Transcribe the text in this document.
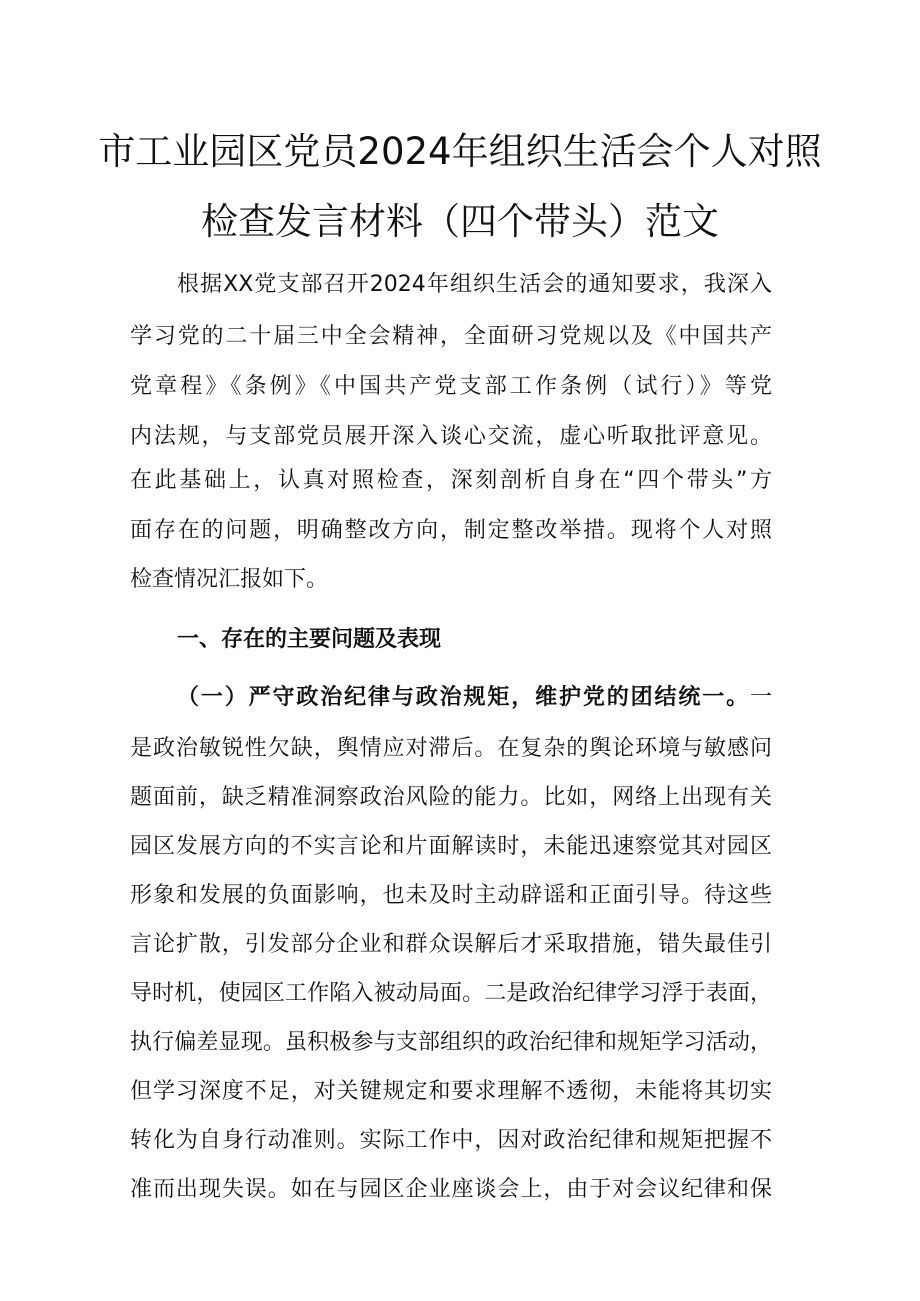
市工业园区党员2024年组织生活会个人对照
检查发言材料（四个带头）范文
根据XX党支部召开2024年组织生活会的通知要求，我深入
学习党的二十届三中全会精神，全面研习党规以及《中国共产
党章程》《条例》《中国共产党支部工作条例（试行）》等党
内法规，与支部党员展开深入谈心交流，虚心听取批评意见。
在此基础上，认真对照检查，深刻剖析自身在“四个带头”方
面存在的问题，明确整改方向，制定整改举措。现将个人对照
检查情况汇报如下。
一、存在的主要问题及表现
（一）严守政治纪律与政治规矩，维护党的团结统一。一
是政治敏锐性欠缺，舆情应对滞后。在复杂的舆论环境与敏感问
题面前，缺乏精准洞察政治风险的能力。比如，网络上出现有关
园区发展方向的不实言论和片面解读时，未能迅速察觉其对园区
形象和发展的负面影响，也未及时主动辟谣和正面引导。待这些
言论扩散，引发部分企业和群众误解后才采取措施，错失最佳引
导时机，使园区工作陷入被动局面。二是政治纪律学习浮于表面，
执行偏差显现。虽积极参与支部组织的政治纪律和规矩学习活动，
但学习深度不足，对关键规定和要求理解不透彻，未能将其切实
转化为自身行动准则。实际工作中，因对政治纪律和规矩把握不
准而出现失误。如在与园区企业座谈会上，由于对会议纪律和保
